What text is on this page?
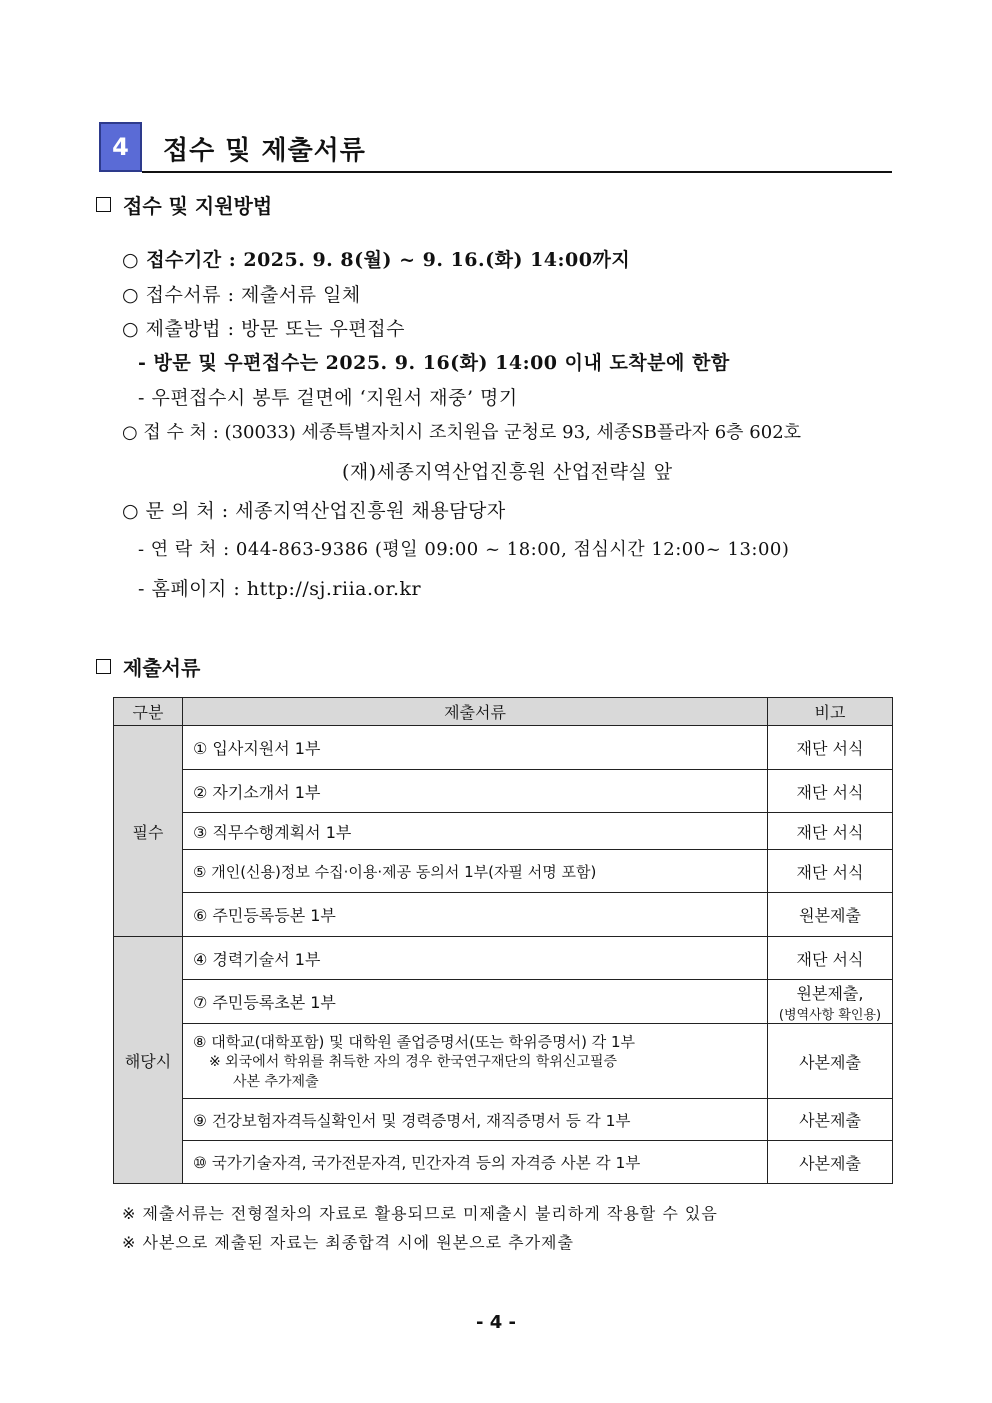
4	접수 및 제출서류
접수 및 지원방법
○ 접수기간 : 2025. 9. 8(월) ~ 9. 16.(화) 14:00까지
○ 접수서류 : 제출서류 일체
○ 제출방법 : 방문 또는 우편접수
- 방문 및 우편접수는 2025. 9. 16(화) 14:00 이내 도착분에 한함
- 우편접수시 봉투 겉면에 ‘지원서 재중’ 명기
○ 접 수 처 : (30033) 세종특별자치시 조치원읍 군청로 93, 세종SB플라자 6층 602호
(재)세종지역산업진흥원 산업전략실 앞
○ 문 의 처 : 세종지역산업진흥원 채용담당자
- 연 락 처 : 044-863-9386 (평일 09:00 ~ 18:00, 점심시간 12:00~ 13:00)
- 홈페이지 : http://sj.riia.or.kr
제출서류
구분	제출서류	비고
필수	① 입사지원서 1부	재단 서식
	② 자기소개서 1부	재단 서식
	③ 직무수행계획서 1부	재단 서식
	⑤ 개인(신용)정보 수집·이용·제공 동의서 1부(자필 서명 포함)	재단 서식
	⑥ 주민등록등본 1부	원본제출
해당시	④ 경력기술서 1부	재단 서식
	⑦ 주민등록초본 1부	원본제출,
(병역사항 확인용)

	⑧ 대학교(대학포함) 및 대학원 졸업증명서(또는 학위증명서) 각 1부
※ 외국에서 학위를 취득한 자의 경우 한국연구재단의 학위신고필증
사본 추가제출	사본제출
	⑨ 건강보험자격득실확인서 및 경력증명서, 재직증명서 등 각 1부	사본제출
	⑩ 국가기술자격, 국가전문자격, 민간자격 등의 자격증 사본 각 1부	사본제출
※ 제출서류는 전형절차의 자료로 활용되므로 미제출시 불리하게 작용할 수 있음
※ 사본으로 제출된 자료는 최종합격 시에 원본으로 추가제출
- 4 -
